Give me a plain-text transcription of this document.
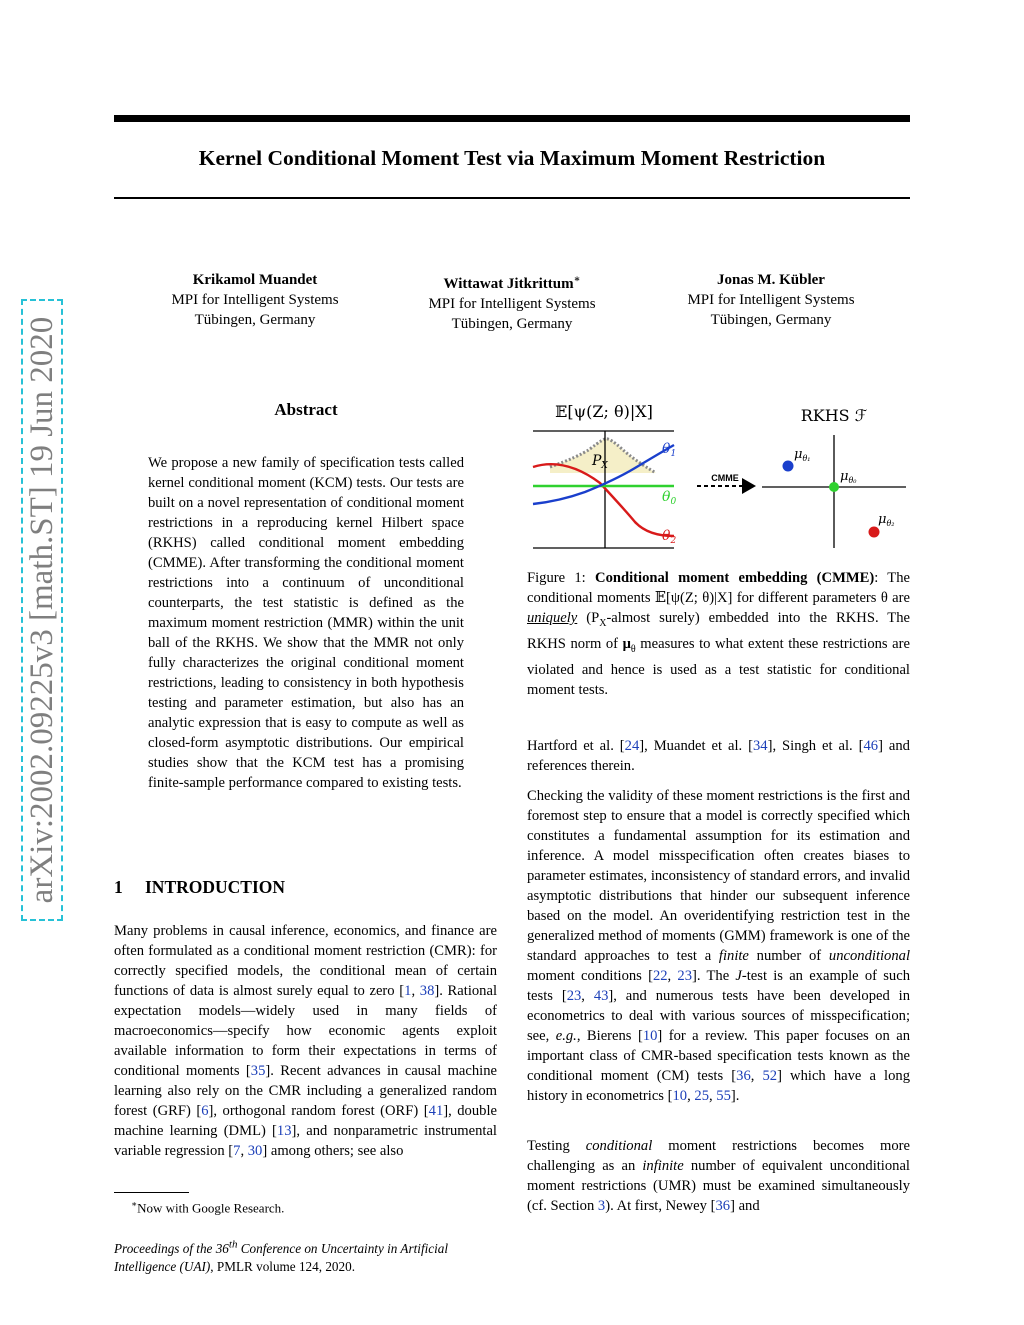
Kernel Conditional Moment Test via Maximum Moment Restriction
arXiv:2002.09225v3 [math.ST] 19 Jun 2020
Krikamol Muandet
MPI for Intelligent Systems
Tübingen, Germany
Wittawat Jitkrittum∗
MPI for Intelligent Systems
Tübingen, Germany
Jonas M. Kübler
MPI for Intelligent Systems
Tübingen, Germany
Abstract
We propose a new family of specification tests called kernel conditional moment (KCM) tests. Our tests are built on a novel representation of conditional moment restrictions in a reproducing kernel Hilbert space (RKHS) called conditional moment embedding (CMME). After transforming the conditional moment restrictions into a continuum of unconditional counterparts, the test statistic is defined as the maximum moment restriction (MMR) within the unit ball of the RKHS. We show that the MMR not only fully characterizes the original conditional moment restrictions, leading to consistency in both hypothesis testing and parameter estimation, but also has an analytic expression that is easy to compute as well as closed-form asymptotic distributions. Our empirical studies show that the KCM test has a promising finite-sample performance compared to existing tests.
1 INTRODUCTION
Many problems in causal inference, economics, and finance are often formulated as a conditional moment restriction (CMR): for correctly specified models, the conditional mean of certain functions of data is almost surely equal to zero [1, 38]. Rational expectation models—widely used in many fields of macroeconomics—specify how economic agents exploit available information to form their expectations in terms of conditional moments [35]. Recent advances in causal machine learning also rely on the CMR including a generalized random forest (GRF) [6], orthogonal random forest (ORF) [41], double machine learning (DML) [13], and nonparametric instrumental variable regression [7, 30] among others; see also
∗Now with Google Research.
Proceedings of the 36th Conference on Uncertainty in Artificial Intelligence (UAI), PMLR volume 124, 2020.
𝔼[ψ(Z; θ)|X]
$P_X$
$\theta_1$
$\theta_0$
$\theta_2$
CMME
RKHS ℱ
$\mu_{\theta_1}$
$\mu_{\theta_0}$
$\mu_{\theta_2}$
Figure 1: Conditional moment embedding (CMME): The conditional moments 𝔼[ψ(Z; θ)|X] for different parameters θ are uniquely ($P_X$-almost surely) embedded into the RKHS. The RKHS norm of $\mu_\theta$ measures to what extent these restrictions are violated and hence is used as a test statistic for conditional moment tests.
Hartford et al. [24], Muandet et al. [34], Singh et al. [46] and references therein.
Checking the validity of these moment restrictions is the first and foremost step to ensure that a model is correctly specified which constitutes a fundamental assumption for its estimation and inference. A model misspecification often creates biases to parameter estimates, inconsistency of standard errors, and invalid asymptotic distributions that hinder our subsequent inference based on the model. An overidentifying restriction test in the generalized method of moments (GMM) framework is one of the standard approaches to test a finite number of unconditional moment conditions [22, 23]. The J-test is an example of such tests [23, 43], and numerous tests have been developed in econometrics to deal with various sources of misspecification; see, e.g., Bierens [10] for a review. This paper focuses on an important class of CMR-based specification tests known as the conditional moment (CM) tests [36, 52] which have a long history in econometrics [10, 25, 55].
Testing conditional moment restrictions becomes more challenging as an infinite number of equivalent unconditional moment restrictions (UMR) must be examined simultaneously (cf. Section 3). At first, Newey [36] and
